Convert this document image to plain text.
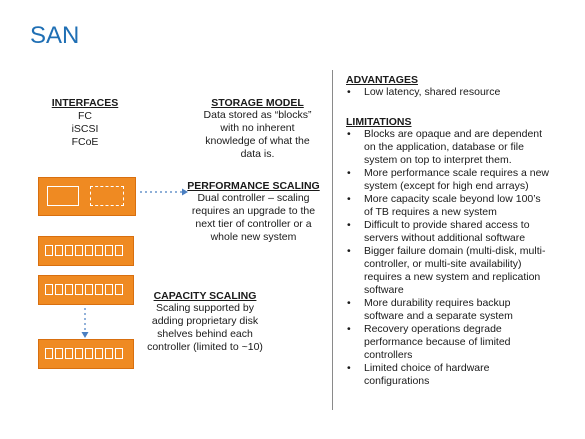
SAN
INTERFACES
FC
iSCSI
FCoE
STORAGE MODEL
Data stored as “blocks”
with no inherent
knowledge of what the
data is.
PERFORMANCE SCALING
Dual controller – scaling
requires an upgrade to the
next tier of controller or a
whole new system
CAPACITY SCALING
Scaling supported by
adding proprietary disk
shelves behind each
controller (limited to ~10)
ADVANTAGES
• Low latency, shared resource
LIMITATIONS
• Blocks are opaque and are dependent
on the application, database or file
system on top to interpret them.
• More performance scale requires a new
system (except for high end arrays)
• More capacity scale beyond low 100’s
of TB requires a new system
• Difficult to provide shared access to
servers without additional software
• Bigger failure domain (multi-disk, multi-
controller, or multi-site availability)
requires a new system and replication
software
• More durability requires backup
software and a separate system
• Recovery operations degrade
performance because of limited
controllers
• Limited choice of hardware
configurations
